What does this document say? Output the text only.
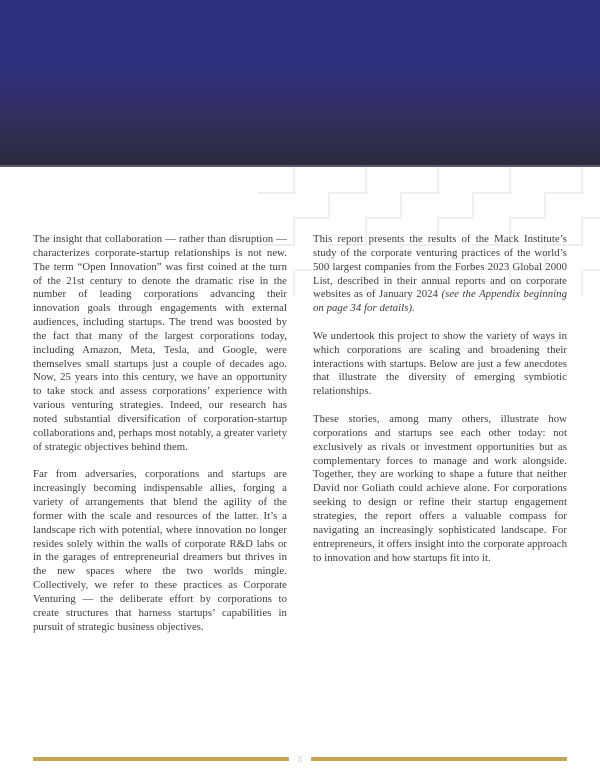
The insight that collaboration — rather than disruption — characterizes corporate-startup relationships is not new. The term “Open Innovation” was first coined at the turn of the 21st century to denote the dramatic rise in the number of leading corporations advancing their innovation goals through engagements with external audiences, including startups. The trend was boosted by the fact that many of the largest corporations today, including Amazon, Meta, Tesla, and Google, were themselves small startups just a couple of decades ago. Now, 25 years into this century, we have an opportunity to take stock and assess corporations’ experience with various venturing strategies. Indeed, our research has noted substantial diversification of corporation-startup collaborations and, perhaps most notably, a greater variety of strategic objectives behind them.

Far from adversaries, corporations and startups are increasingly becoming indispensable allies, forging a variety of arrangements that blend the agility of the former with the scale and resources of the latter. It’s a landscape rich with potential, where innovation no longer resides solely within the walls of corporate R&D labs or in the garages of entrepreneurial dreamers but thrives in the new spaces where the two worlds mingle. Collectively, we refer to these practices as Corporate Venturing — the deliberate effort by corporations to create structures that harness startups’ capabilities in pursuit of strategic business objectives.

This report presents the results of the Mack Institute’s study of the corporate venturing practices of the world’s 500 largest companies from the Forbes 2023 Global 2000 List, described in their annual reports and on corporate websites as of January 2024 (see the Appendix beginning on page 34 for details).

We undertook this project to show the variety of ways in which corporations are scaling and broadening their interactions with startups. Below are just a few anecdotes that illustrate the diversity of emerging symbiotic relationships.

These stories, among many others, illustrate how corporations and startups see each other today: not exclusively as rivals or investment opportunities but as complementary forces to manage and work alongside. Together, they are working to shape a future that neither David nor Goliath could achieve alone. For corporations seeking to design or refine their startup engagement strategies, the report offers a valuable compass for navigating an increasingly sophisticated landscape. For entrepreneurs, it offers insight into the corporate approach to innovation and how startups fit into it.

5
